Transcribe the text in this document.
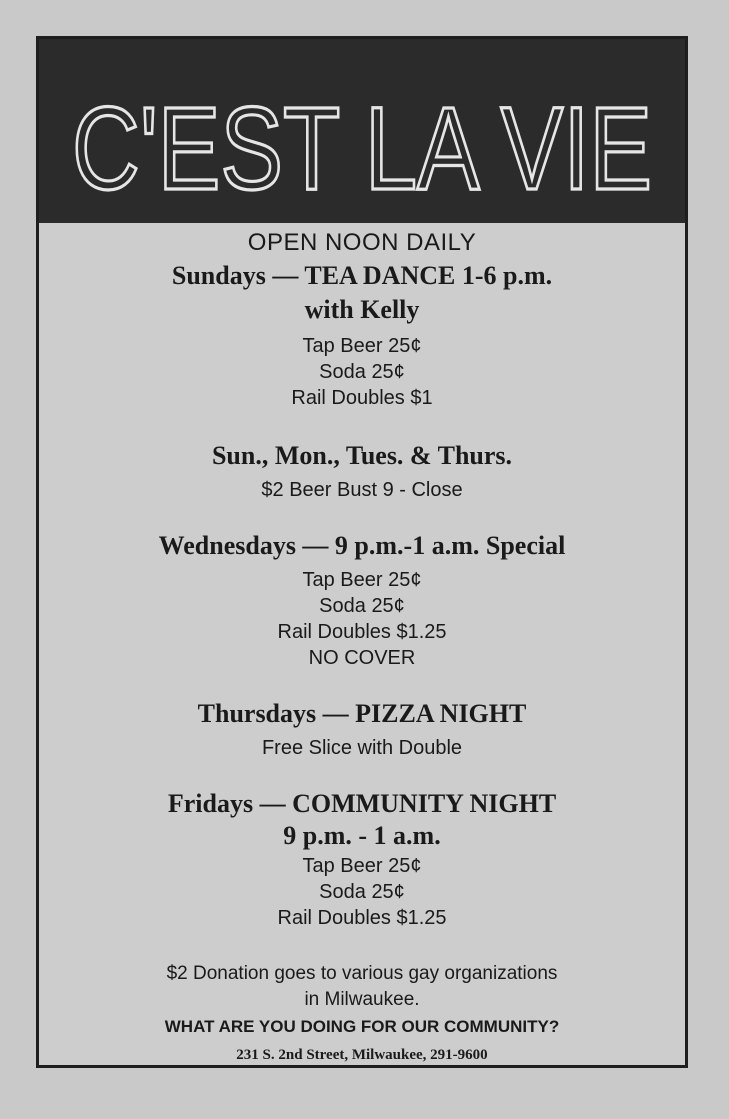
C'EST LA VIE
OPEN NOON DAILY
Sundays — TEA DANCE 1-6 p.m.
with Kelly
Tap Beer 25¢
Soda 25¢
Rail Doubles $1
Sun., Mon., Tues. & Thurs.
$2 Beer Bust 9 - Close
Wednesdays — 9 p.m.-1 a.m. Special
Tap Beer 25¢
Soda 25¢
Rail Doubles $1.25
NO COVER
Thursdays — PIZZA NIGHT
Free Slice with Double
Fridays — COMMUNITY NIGHT
9 p.m. - 1 a.m.
Tap Beer 25¢
Soda 25¢
Rail Doubles $1.25
$2 Donation goes to various gay organizations
in Milwaukee.
WHAT ARE YOU DOING FOR OUR COMMUNITY?
231 S. 2nd Street, Milwaukee, 291-9600
